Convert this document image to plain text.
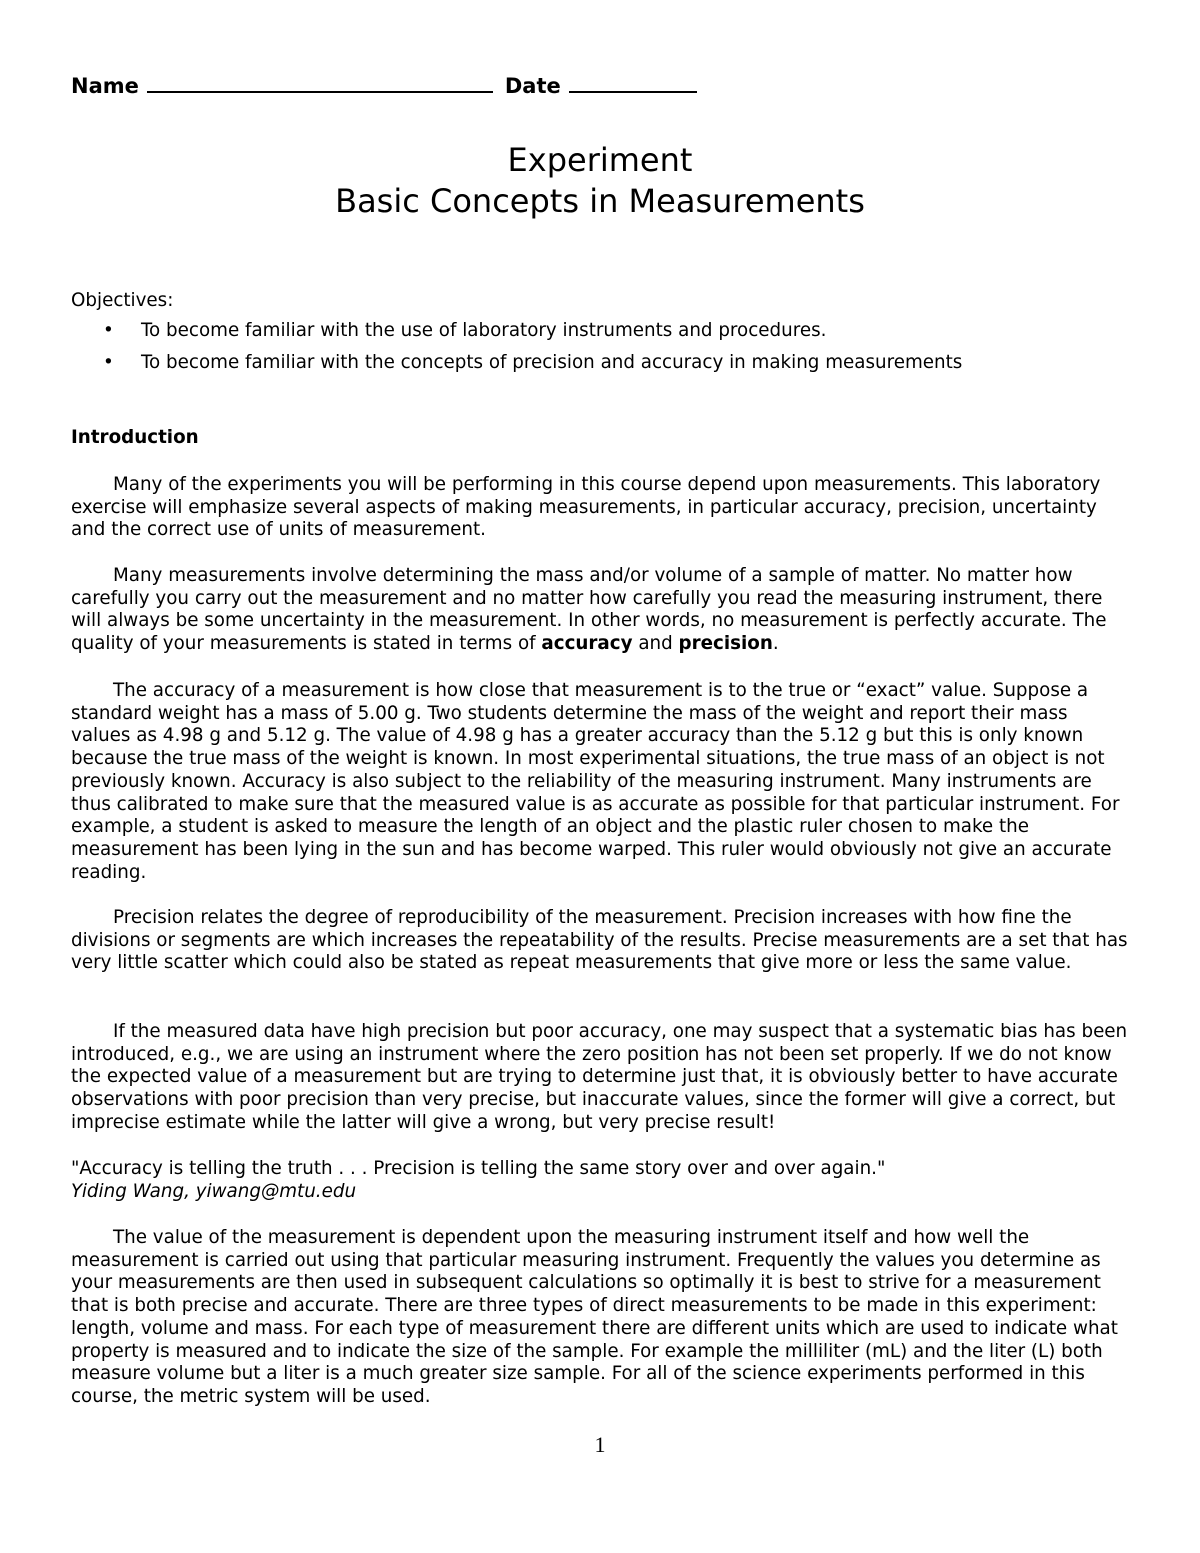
Name	Date
Experiment
Basic Concepts in Measurements
Objectives:
• To become familiar with the use of laboratory instruments and procedures.
• To become familiar with the concepts of precision and accuracy in making measurements
Introduction

Many of the experiments you will be performing in this course depend upon measurements. This laboratory exercise will emphasize several aspects of making measurements, in particular accuracy, precision, uncertainty and the correct use of units of measurement.

Many measurements involve determining the mass and/or volume of a sample of matter. No matter how carefully you carry out the measurement and no matter how carefully you read the measuring instrument, there will always be some uncertainty in the measurement. In other words, no measurement is perfectly accurate. The quality of your measurements is stated in terms of accuracy and precision.

The accuracy of a measurement is how close that measurement is to the true or “exact” value. Suppose a standard weight has a mass of 5.00 g. Two students determine the mass of the weight and report their mass values as 4.98 g and 5.12 g. The value of 4.98 g has a greater accuracy than the 5.12 g but this is only known because the true mass of the weight is known. In most experimental situations, the true mass of an object is not previously known. Accuracy is also subject to the reliability of the measuring instrument. Many instruments are thus calibrated to make sure that the measured value is as accurate as possible for that particular instrument. For example, a student is asked to measure the length of an object and the plastic ruler chosen to make the measurement has been lying in the sun and has become warped. This ruler would obviously not give an accurate reading.

Precision relates the degree of reproducibility of the measurement. Precision increases with how fine the divisions or segments are which increases the repeatability of the results. Precise measurements are a set that has very little scatter which could also be stated as repeat measurements that give more or less the same value.

If the measured data have high precision but poor accuracy, one may suspect that a systematic bias has been introduced, e.g., we are using an instrument where the zero position has not been set properly. If we do not know the expected value of a measurement but are trying to determine just that, it is obviously better to have accurate observations with poor precision than very precise, but inaccurate values, since the former will give a correct, but imprecise estimate while the latter will give a wrong, but very precise result!

"Accuracy is telling the truth . . . Precision is telling the same story over and over again."
Yiding Wang, yiwang@mtu.edu

The value of the measurement is dependent upon the measuring instrument itself and how well the measurement is carried out using that particular measuring instrument. Frequently the values you determine as your measurements are then used in subsequent calculations so optimally it is best to strive for a measurement that is both precise and accurate. There are three types of direct measurements to be made in this experiment: length, volume and mass. For each type of measurement there are different units which are used to indicate what property is measured and to indicate the size of the sample. For example the milliliter (mL) and the liter (L) both measure volume but a liter is a much greater size sample. For all of the science experiments performed in this course, the metric system will be used.

1
